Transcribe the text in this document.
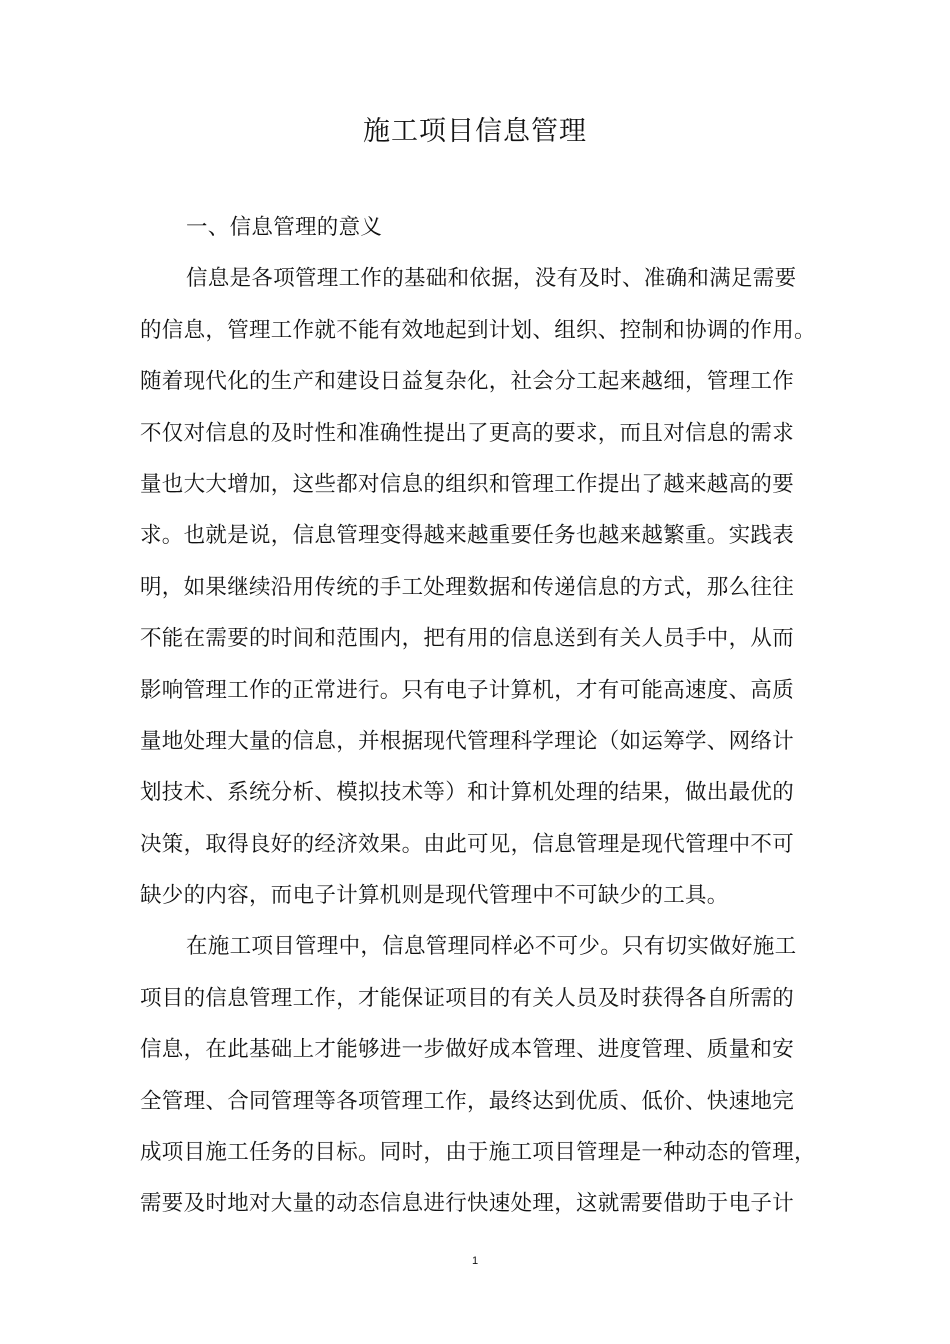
施工项目信息管理
一、信息管理的意义
信息是各项管理工作的基础和依据，没有及时、准确和满足需要
的信息，管理工作就不能有效地起到计划、组织、控制和协调的作用。
随着现代化的生产和建设日益复杂化，社会分工起来越细，管理工作
不仅对信息的及时性和准确性提出了更高的要求，而且对信息的需求
量也大大增加，这些都对信息的组织和管理工作提出了越来越高的要
求。也就是说，信息管理变得越来越重要任务也越来越繁重。实践表
明，如果继续沿用传统的手工处理数据和传递信息的方式，那么往往
不能在需要的时间和范围内，把有用的信息送到有关人员手中，从而
影响管理工作的正常进行。只有电子计算机，才有可能高速度、高质
量地处理大量的信息，并根据现代管理科学理论（如运筹学、网络计
划技术、系统分析、模拟技术等）和计算机处理的结果，做出最优的
决策，取得良好的经济效果。由此可见，信息管理是现代管理中不可
缺少的内容，而电子计算机则是现代管理中不可缺少的工具。
在施工项目管理中，信息管理同样必不可少。只有切实做好施工
项目的信息管理工作，才能保证项目的有关人员及时获得各自所需的
信息，在此基础上才能够进一步做好成本管理、进度管理、质量和安
全管理、合同管理等各项管理工作，最终达到优质、低价、快速地完
成项目施工任务的目标。同时，由于施工项目管理是一种动态的管理，
需要及时地对大量的动态信息进行快速处理，这就需要借助于电子计
1
